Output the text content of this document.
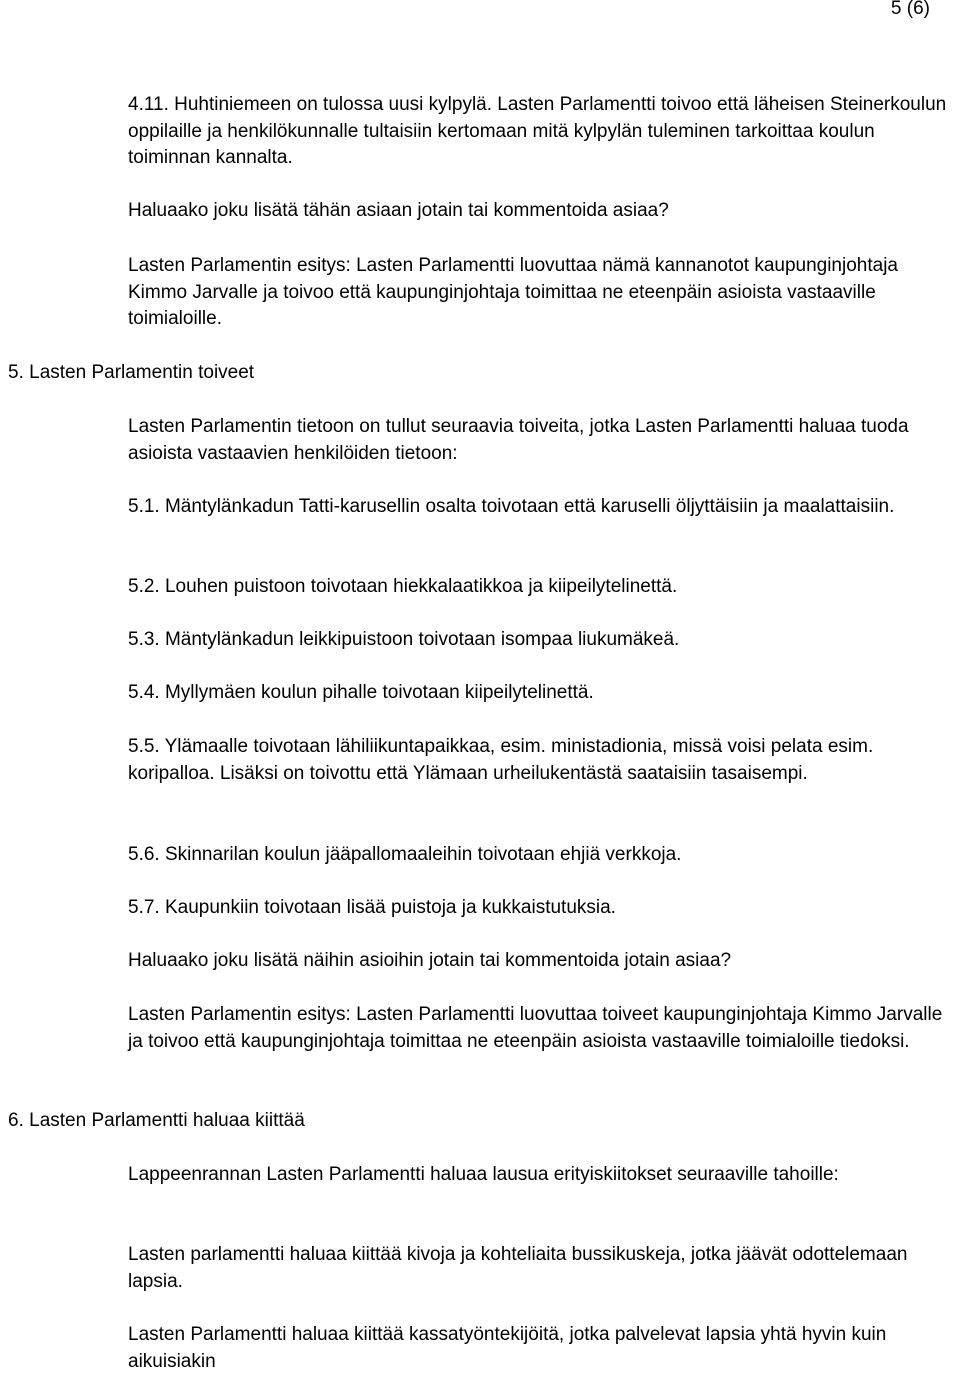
5 (6)

4.11. Huhtiniemeen on tulossa uusi kylpylä. Lasten Parlamentti toivoo että läheisen Steinerkoulun oppilaille ja henkilökunnalle tultaisiin kertomaan mitä kylpylän tuleminen tarkoittaa koulun toiminnan kannalta.

Haluaako joku lisätä tähän asiaan jotain tai kommentoida asiaa?

Lasten Parlamentin esitys: Lasten Parlamentti luovuttaa nämä kannanotot kaupunginjohtaja Kimmo Jarvalle ja toivoo että kaupunginjohtaja toimittaa ne eteenpäin asioista vastaaville toimialoille.

5. Lasten Parlamentin toiveet

Lasten Parlamentin tietoon on tullut seuraavia toiveita, jotka Lasten Parlamentti haluaa tuoda asioista vastaavien henkilöiden tietoon:

5.1. Mäntylänkadun Tatti-karusellin osalta toivotaan että karuselli öljyttäisiin ja maalattaisiin.

5.2. Louhen puistoon toivotaan hiekkalaatikkoa ja kiipeilytelinettä.

5.3. Mäntylänkadun leikkipuistoon toivotaan isompaa liukumäkeä.

5.4. Myllymäen koulun pihalle toivotaan kiipeilytelinettä.

5.5. Ylämaalle toivotaan lähiliikuntapaikkaa, esim. ministadionia, missä voisi pelata esim. koripalloa. Lisäksi on toivottu että Ylämaan urheilukentästä saataisiin tasaisempi.

5.6. Skinnarilan koulun jääpallomaaleihin toivotaan ehjiä verkkoja.

5.7. Kaupunkiin toivotaan lisää puistoja ja kukkaistutuksia.

Haluaako joku lisätä näihin asioihin jotain tai kommentoida jotain asiaa?

Lasten Parlamentin esitys: Lasten Parlamentti luovuttaa toiveet kaupunginjohtaja Kimmo Jarvalle ja toivoo että kaupunginjohtaja toimittaa ne eteenpäin asioista vastaaville toimialoille tiedoksi.

6. Lasten Parlamentti haluaa kiittää

Lappeenrannan Lasten Parlamentti haluaa lausua erityiskiitokset seuraaville tahoille:

Lasten parlamentti haluaa kiittää kivoja ja kohteliaita bussikuskeja, jotka jäävät odottelemaan lapsia.

Lasten Parlamentti haluaa kiittää kassatyöntekijöitä, jotka palvelevat lapsia yhtä hyvin kuin aikuisiakin
